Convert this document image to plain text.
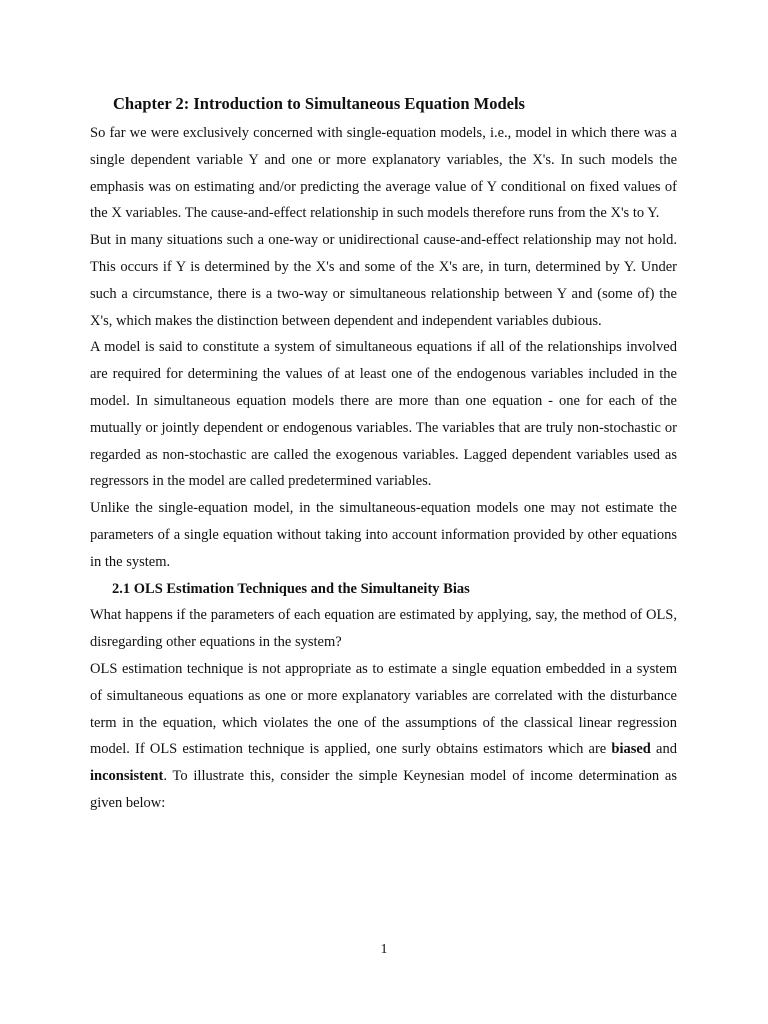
Chapter 2: Introduction to Simultaneous Equation Models

So far we were exclusively concerned with single-equation models, i.e., model in which there was a single dependent variable Y and one or more explanatory variables, the X's. In such models the emphasis was on estimating and/or predicting the average value of Y conditional on fixed values of the X variables. The cause-and-effect relationship in such models therefore runs from the X's to Y.

But in many situations such a one-way or unidirectional cause-and-effect relationship may not hold. This occurs if Y is determined by the X's and some of the X's are, in turn, determined by Y. Under such a circumstance, there is a two-way or simultaneous relationship between Y and (some of) the X's, which makes the distinction between dependent and independent variables dubious.

A model is said to constitute a system of simultaneous equations if all of the relationships involved are required for determining the values of at least one of the endogenous variables included in the model. In simultaneous equation models there are more than one equation - one for each of the mutually or jointly dependent or endogenous variables. The variables that are truly non-stochastic or regarded as non-stochastic are called the exogenous variables. Lagged dependent variables used as regressors in the model are called predetermined variables.

Unlike the single-equation model, in the simultaneous-equation models one may not estimate the parameters of a single equation without taking into account information provided by other equations in the system.

2.1 OLS Estimation Techniques and the Simultaneity Bias

What happens if the parameters of each equation are estimated by applying, say, the method of OLS, disregarding other equations in the system?

OLS estimation technique is not appropriate as to estimate a single equation embedded in a system of simultaneous equations as one or more explanatory variables are correlated with the disturbance term in the equation, which violates the one of the assumptions of the classical linear regression model. If OLS estimation technique is applied, one surly obtains estimators which are biased and inconsistent. To illustrate this, consider the simple Keynesian model of income determination as given below:

1
